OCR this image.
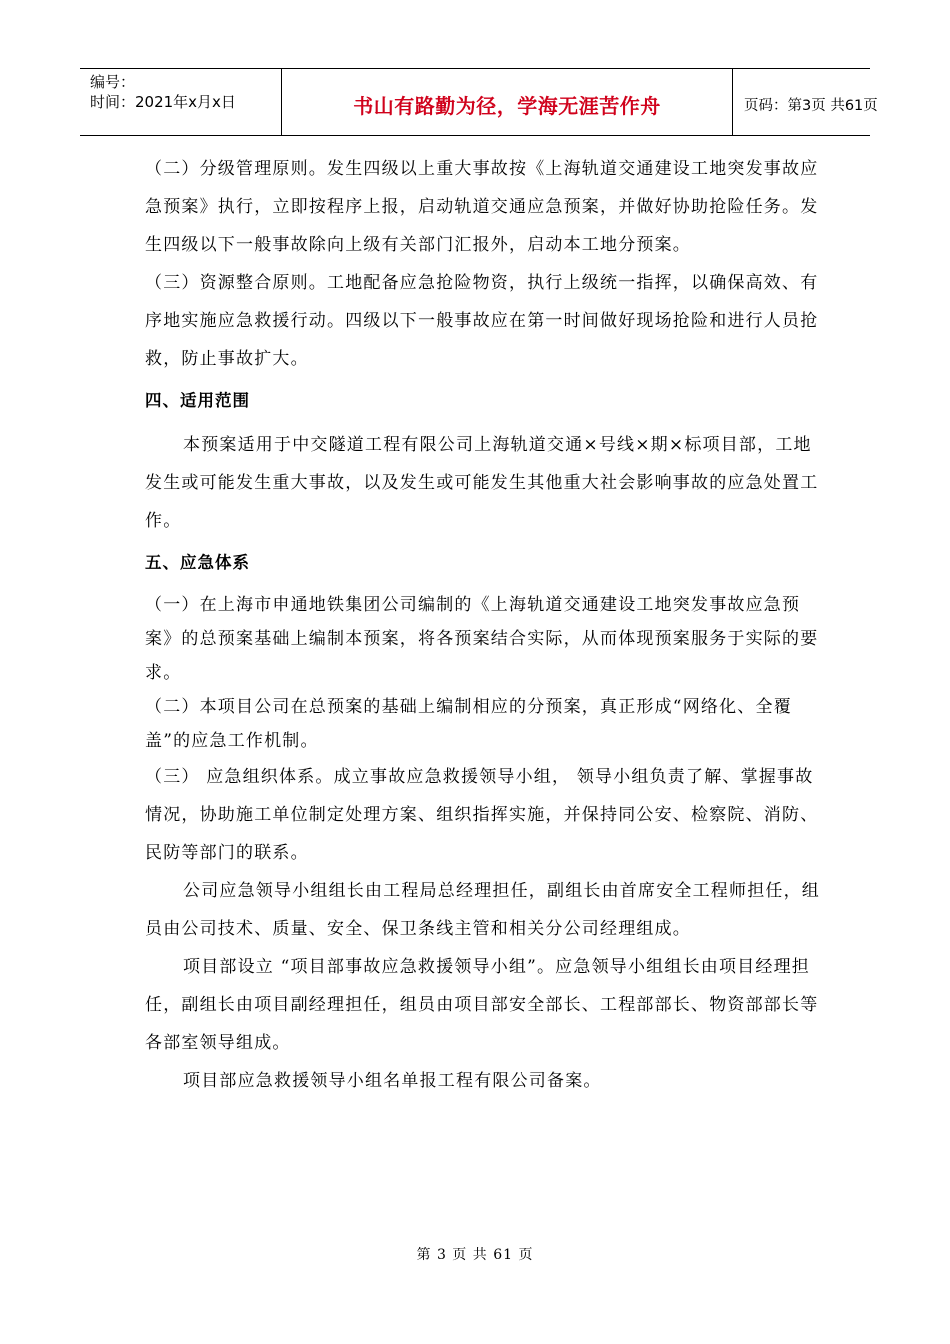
编号：
时间：2021年x月x日	书山有路勤为径，学海无涯苦作舟	页码：第3页 共61页

（二）分级管理原则。发生四级以上重大事故按《上海轨道交通建设工地突发事故应急预案》执行，立即按程序上报，启动轨道交通应急预案，并做好协助抢险任务。发生四级以下一般事故除向上级有关部门汇报外，启动本工地分预案。

（三）资源整合原则。工地配备应急抢险物资，执行上级统一指挥，以确保高效、有序地实施应急救援行动。四级以下一般事故应在第一时间做好现场抢险和进行人员抢救，防止事故扩大。

四、适用范围

本预案适用于中交隧道工程有限公司上海轨道交通×号线×期×标项目部，工地发生或可能发生重大事故，以及发生或可能发生其他重大社会影响事故的应急处置工作。

五、应急体系

（一）在上海市申通地铁集团公司编制的《上海轨道交通建设工地突发事故应急预案》的总预案基础上编制本预案，将各预案结合实际，从而体现预案服务于实际的要求。

（二）本项目公司在总预案的基础上编制相应的分预案，真正形成“网络化、全覆盖”的应急工作机制。

（三） 应急组织体系。成立事故应急救援领导小组， 领导小组负责了解、掌握事故情况，协助施工单位制定处理方案、组织指挥实施，并保持同公安、检察院、消防、民防等部门的联系。

公司应急领导小组组长由工程局总经理担任，副组长由首席安全工程师担任，组员由公司技术、质量、安全、保卫条线主管和相关分公司经理组成。

项目部设立 “项目部事故应急救援领导小组”。应急领导小组组长由项目经理担任，副组长由项目副经理担任，组员由项目部安全部长、工程部部长、物资部部长等各部室领导组成。

项目部应急救援领导小组名单报工程有限公司备案。

第 3 页 共 61 页
